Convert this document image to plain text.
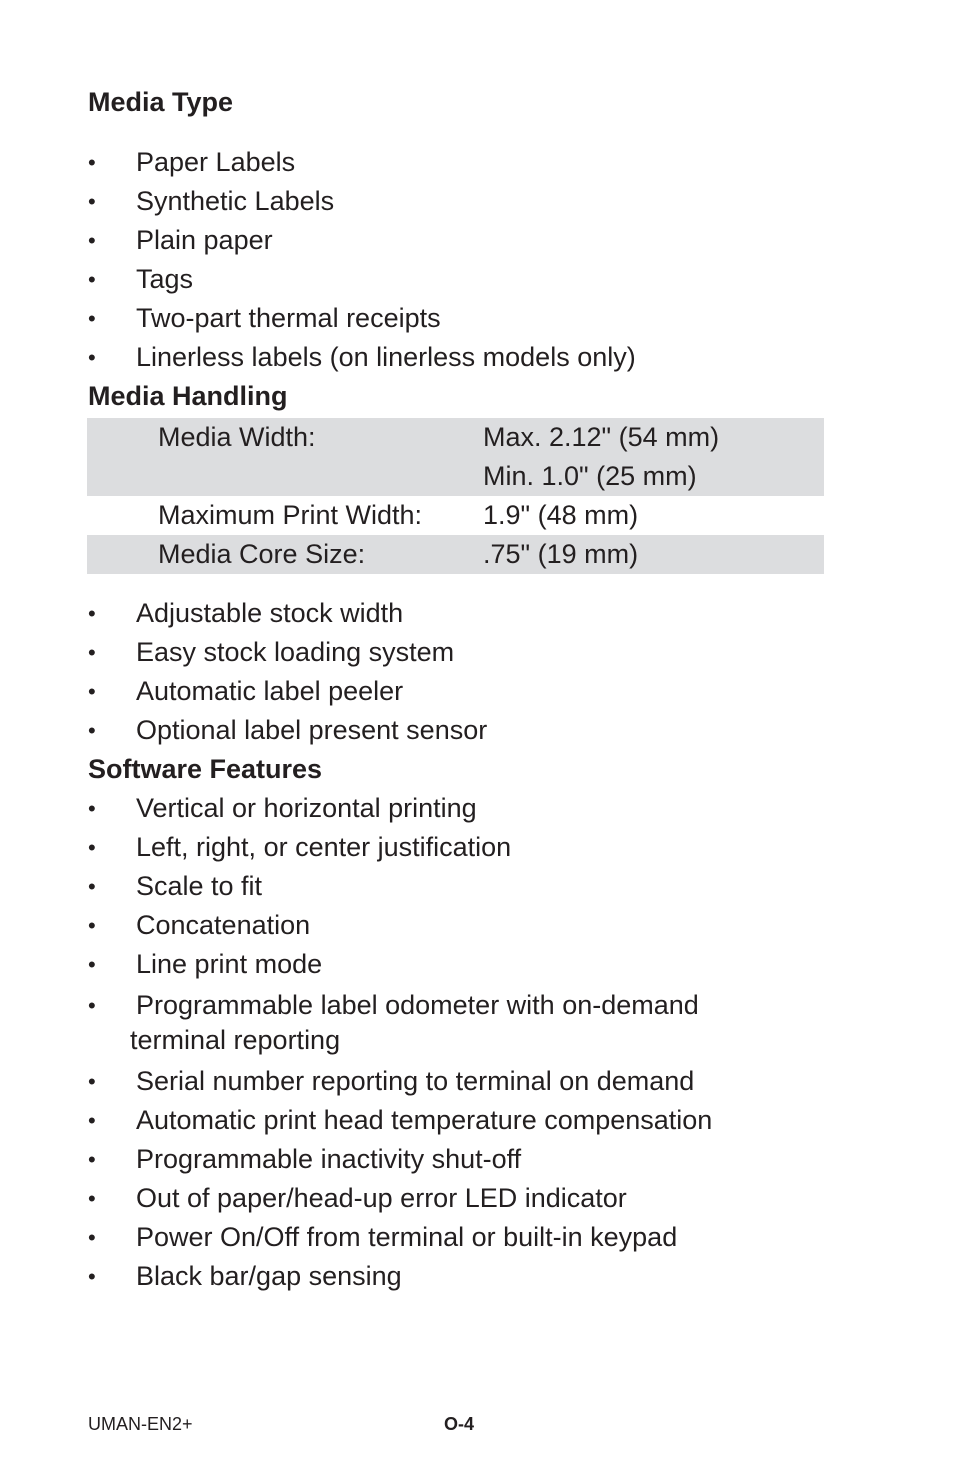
Media Type
• Paper Labels
• Synthetic Labels
• Plain paper
• Tags
• Two-part thermal receipts
• Linerless labels (on linerless models only)
Media Handling
Media Width:	Max. 2.12" (54 mm)
	Min. 1.0" (25 mm)
Maximum Print Width:	1.9" (48 mm)
Media Core Size:	.75" (19 mm)
• Adjustable stock width
• Easy stock loading system
• Automatic label peeler
• Optional label present sensor
Software Features
• Vertical or horizontal printing
• Left, right, or center justification
• Scale to fit
• Concatenation
• Line print mode
• Programmable label odometer with on-demand
terminal reporting
• Serial number reporting to terminal on demand
• Automatic print head temperature compensation
• Programmable inactivity shut-off
• Out of paper/head-up error LED indicator
• Power On/Off from terminal or built-in keypad
• Black bar/gap sensing
UMAN-EN2+	O-4
